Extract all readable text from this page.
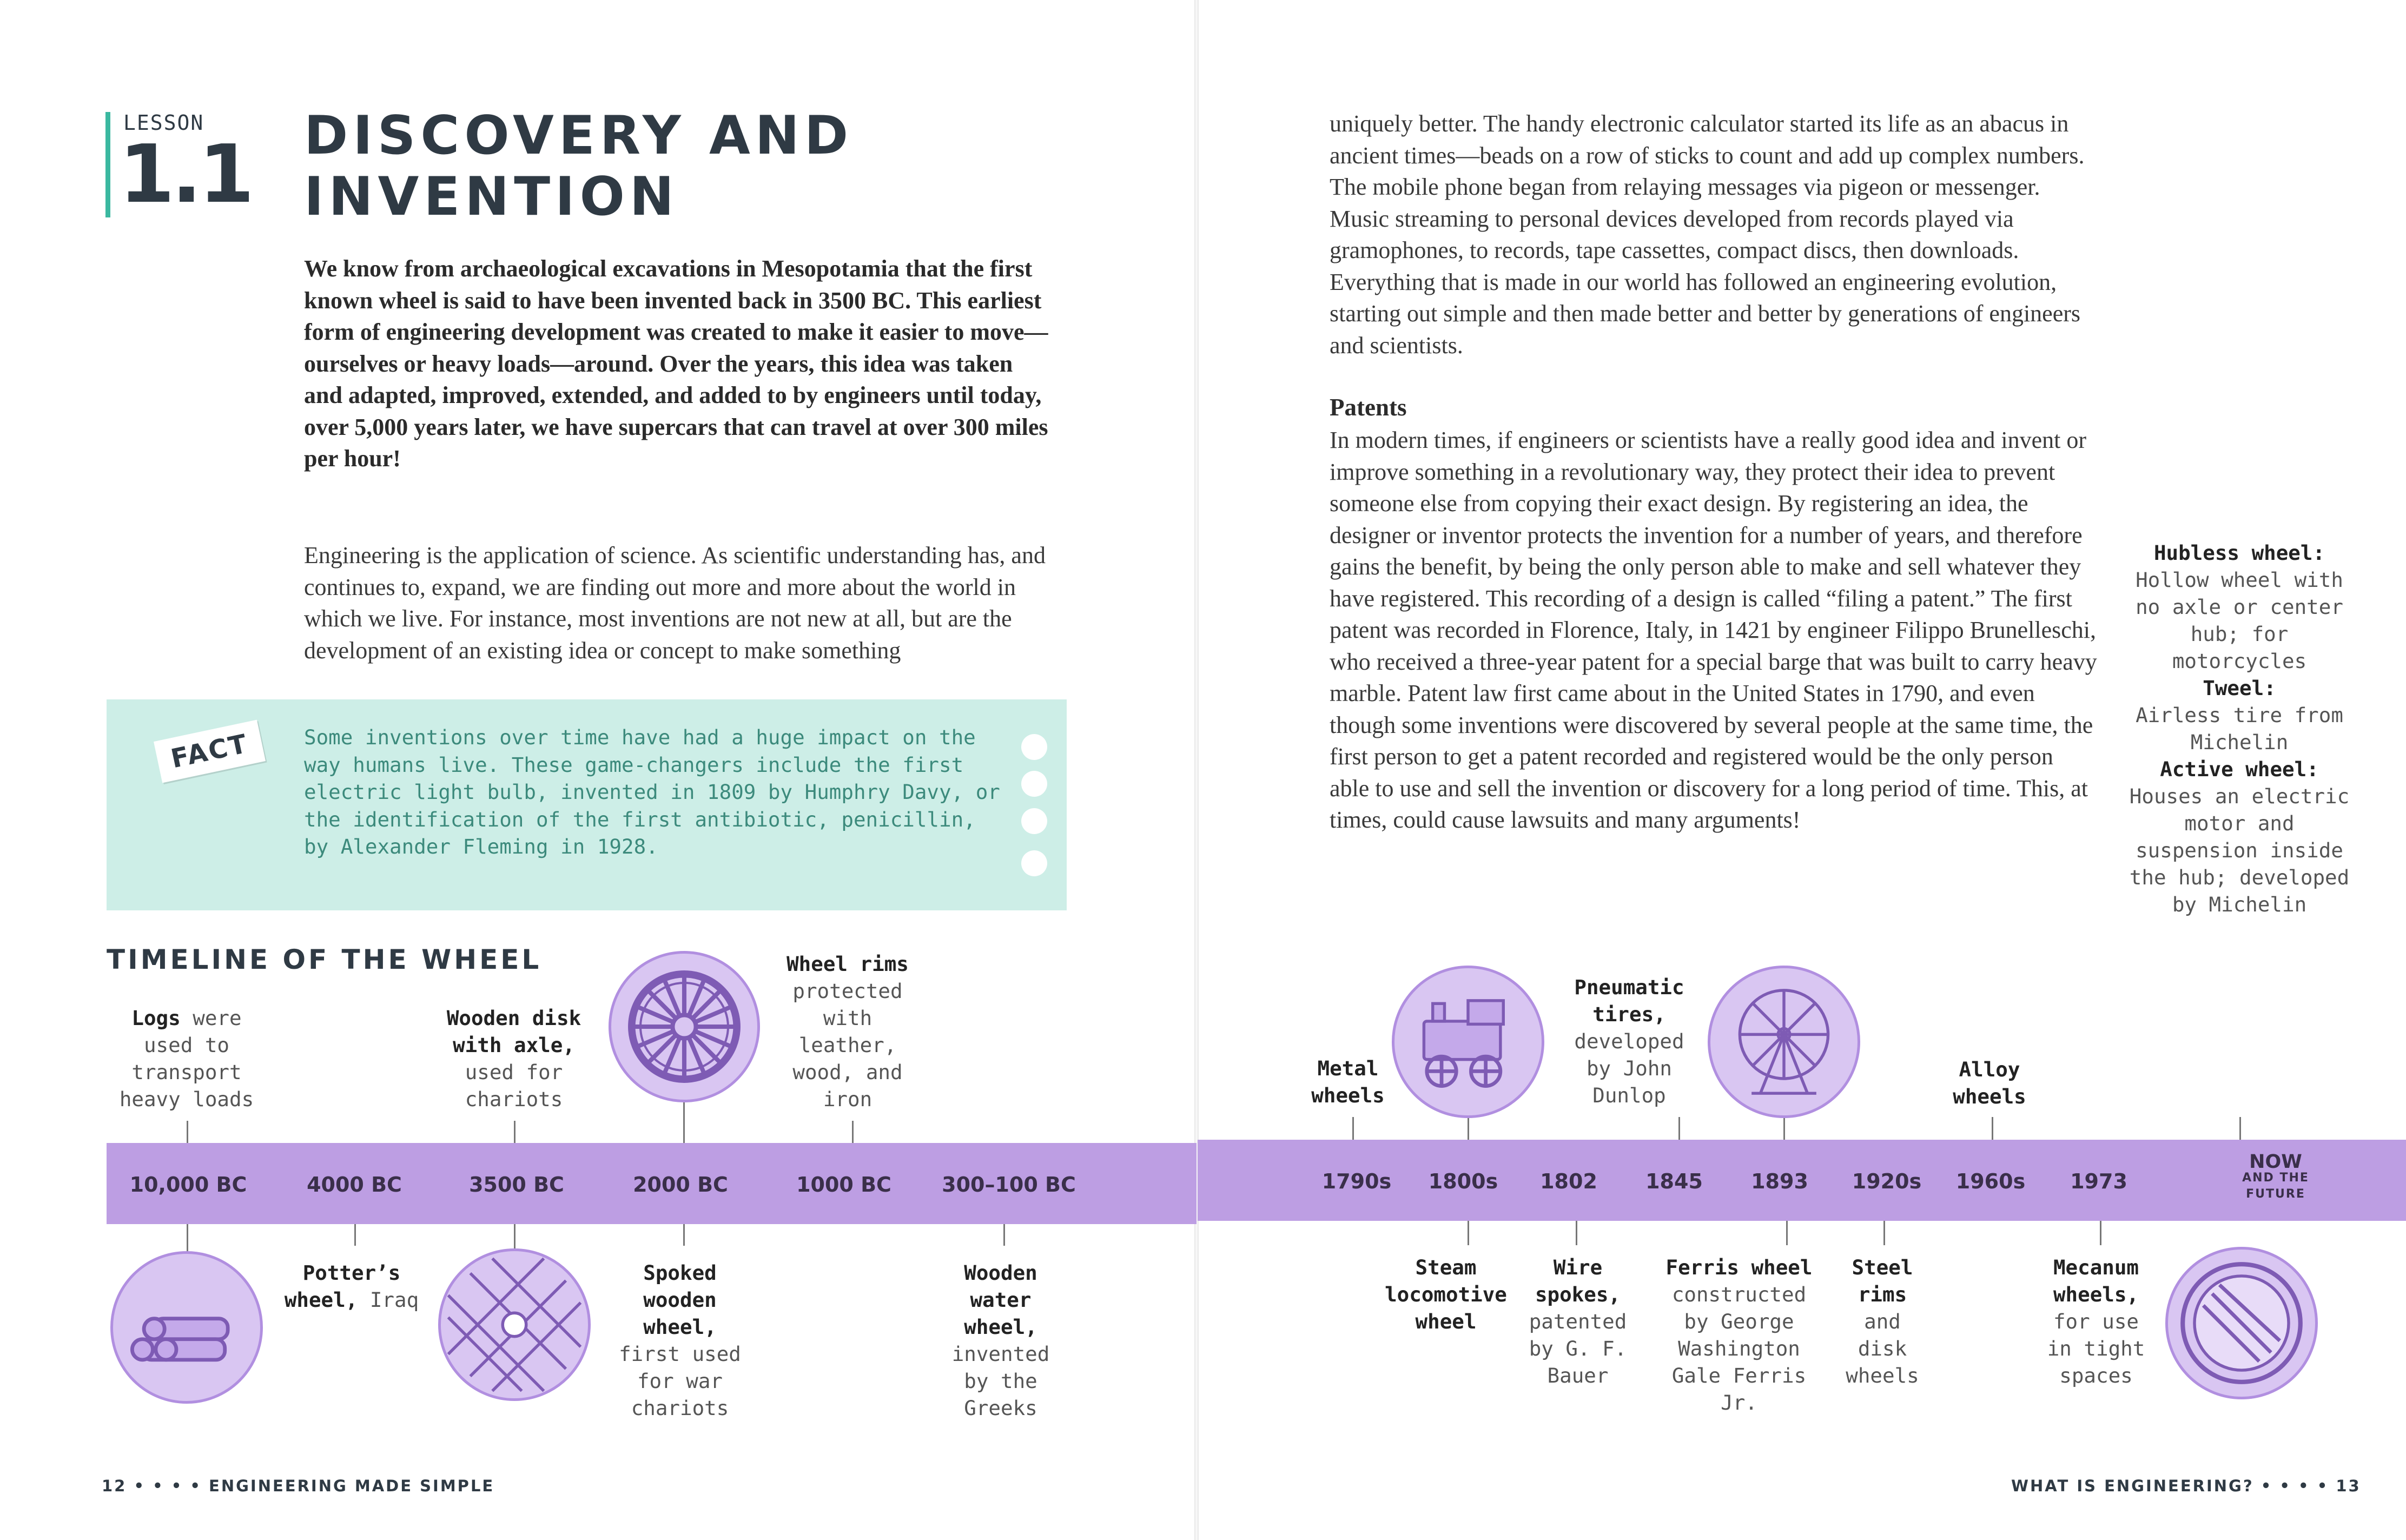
LESSON
1.1 DISCOVERY AND
INVENTION
We know from archaeological excavations in Mesopotamia that the first known wheel is said to have been invented back in 3500 BC. This earliest form of engineering development was created to make it easier to move—ourselves or heavy loads—around. Over the years, this idea was taken and adapted, improved, extended, and added to by engineers until today, over 5,000 years later, we have supercars that can travel at over 300 miles per hour!
Engineering is the application of science. As scientific understanding has, and continues to, expand, we are finding out more and more about the world in which we live. For instance, most inventions are not new at all, but are the development of an existing idea or concept to make something
FACT	Some inventions over time have had a huge impact on the way humans live. These game-changers include the first electric light bulb, invented in 1809 by Humphry Davy, or the identification of the first antibiotic, penicillin, by Alexander Fleming in 1928.
TIMELINE OF THE WHEEL
Logs were used to transport heavy loads
Wooden disk with axle, used for chariots
Wheel rims protected with leather, wood, and iron
10,000 BC	4000 BC	3500 BC	2000 BC	1000 BC 300–100 BC
Potter’s wheel, Iraq
Spoked wooden wheel, first used for war chariots
Wooden water wheel, invented by the Greeks
12 • • • • ENGINEERING MADE SIMPLE
uniquely better. The handy electronic calculator started its life as an abacus in ancient times—beads on a row of sticks to count and add up complex numbers. The mobile phone began from relaying messages via pigeon or messenger. Music streaming to personal devices developed from records played via gramophones, to records, tape cassettes, compact discs, then downloads. Everything that is made in our world has followed an engineering evolution, starting out simple and then made better and better by generations of engineers and scientists.
Patents
In modern times, if engineers or scientists have a really good idea and invent or improve something in a revolutionary way, they protect their idea to prevent someone else from copying their exact design. By registering an idea, the designer or inventor protects the invention for a number of years, and therefore gains the benefit, by being the only person able to make and sell whatever they have registered. This recording of a design is called “filing a patent.” The first patent was recorded in Florence, Italy, in 1421 by engineer Filippo Brunelleschi, who received a three-year patent for a special barge that was built to carry heavy marble. Patent law first came about in the United States in 1790, and even though some inventions were discovered by several people at the same time, the first person to get a patent recorded and registered would be the only person able to use and sell the invention or discovery for a long period of time. This, at times, could cause lawsuits and many arguments!
Hubless wheel:
Hollow wheel with no axle or center hub; for motorcycles
Tweel:
Airless tire from Michelin
Active wheel:
Houses an electric motor and suspension inside the hub; developed by Michelin
Metal wheels
Pneumatic tires, developed by John Dunlop
Alloy wheels
1790s 1800s 1802 1845 1893 1920s 1960s 1973
NOW
AND THE
FUTURE
Steam locomotive wheel
Wire spokes, patented by G. F. Bauer
Ferris wheel constructed by George Washington Gale Ferris Jr.
Steel rims and disk wheels
Mecanum wheels, for use in tight spaces
WHAT IS ENGINEERING? • • • • 13
